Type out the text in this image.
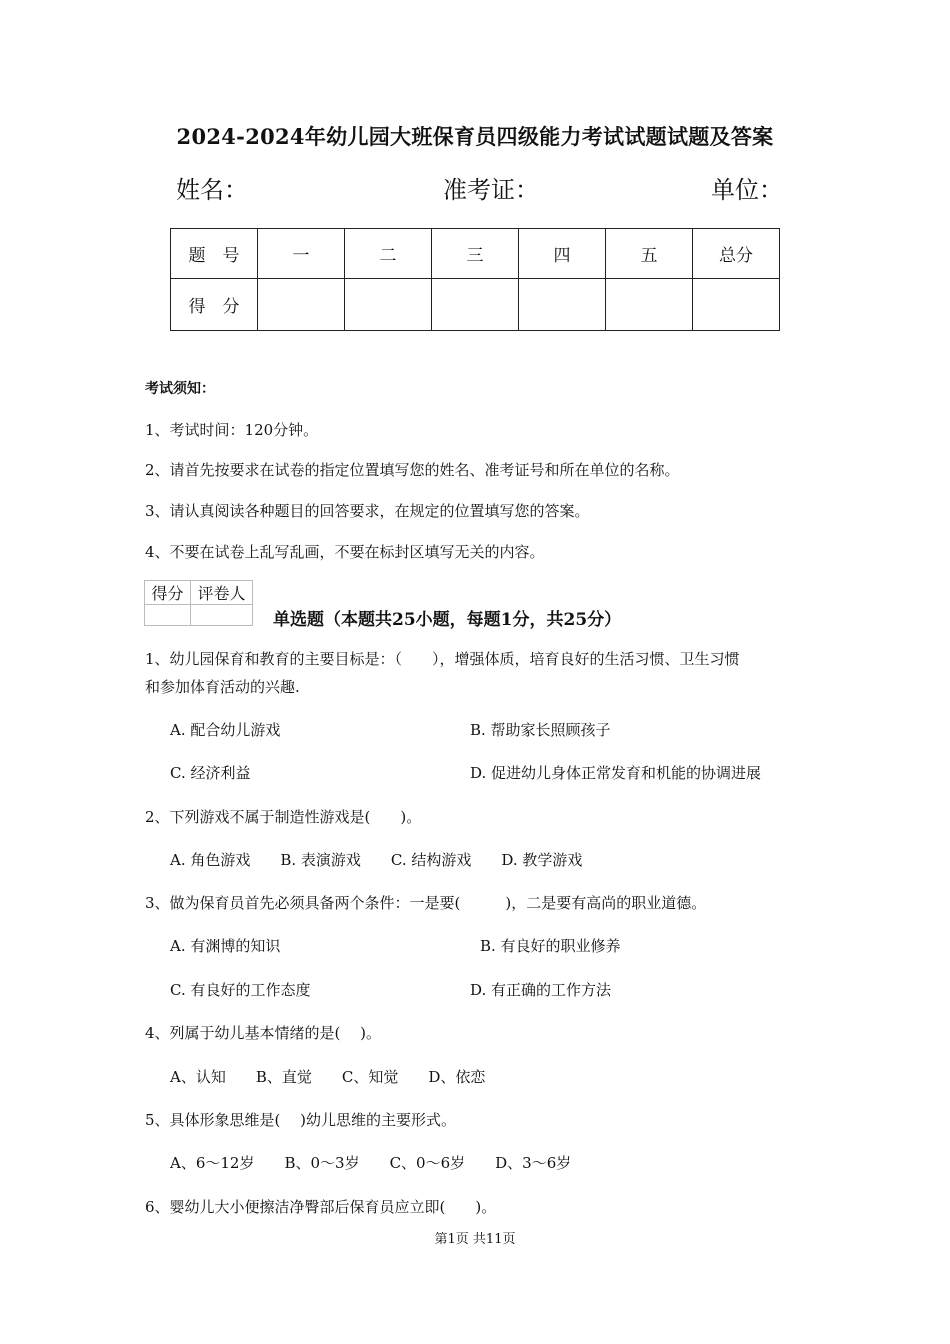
2024-2024年幼儿园大班保育员四级能力考试试题试题及答案
姓名：	准考证：	单位：
题　号	一	二	三	四	五	总分
得　分						
考试须知：
1、考试时间：120分钟。
2、请首先按要求在试卷的指定位置填写您的姓名、准考证号和所在单位的名称。
3、请认真阅读各种题目的回答要求，在规定的位置填写您的答案。
4、不要在试卷上乱写乱画，不要在标封区填写无关的内容。
得分	评卷人

单选题（本题共25小题，每题1分，共25分）
1、幼儿园保育和教育的主要目标是：（　　），增强体质，培育良好的生活习惯、卫生习惯
和参加体育活动的兴趣.
A. 配合幼儿游戏	B. 帮助家长照顾孩子
C. 经济利益	D. 促进幼儿身体正常发育和机能的协调进展
2、下列游戏不属于制造性游戏是(　　)。
A. 角色游戏　　B. 表演游戏　　C. 结构游戏　　D. 教学游戏
3、做为保育员首先必须具备两个条件：一是要(　　　)，二是要有高尚的职业道德。
A. 有渊博的知识	B. 有良好的职业修养
C. 有良好的工作态度	D. 有正确的工作方法
4、列属于幼儿基本情绪的是(　 )。
A、认知　　B、直觉　　C、知觉　　D、依恋
5、具体形象思维是(　 )幼儿思维的主要形式。
A、6～12岁　　B、0～3岁　　C、0～6岁　　D、3～6岁
6、婴幼儿大小便擦洁净臀部后保育员应立即(　　)。
第1页 共11页
